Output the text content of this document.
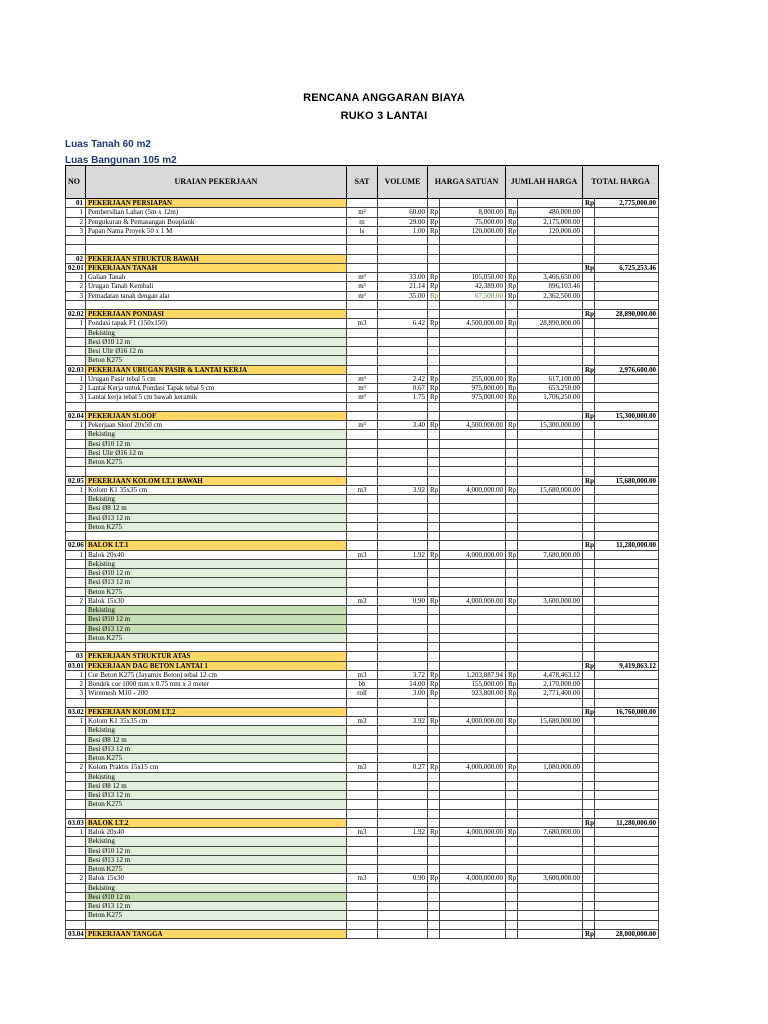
RENCANA ANGGARAN BIAYA
RUKO 3 LANTAI
Luas Tanah 60 m2
Luas Bangunan 105 m2
NO	URAIAN PEKERJAAN	SAT	VOLUME	HARGA SATUAN		JUMLAH HARGA		TOTAL HARGA	
01	PEKERJAAN PERSIAPAN							Rp	2,775,000.00
1	Pembersihan Lahan (5m x 12m)	m²	60.00	Rp	8,000.00	Rp	480,000.00		
2	Pengukuran & Pemasangan Bouplank	m	29.00	Rp	75,000.00	Rp	2,175,000.00		
3	Papan Nama Proyek 50 x 1 M	ls	1.00	Rp	120,000.00	Rp	120,000.00		

02	PEKERJAAN STRUKTUR BAWAH								
02.01	PEKERJAAN TANAH							Rp	6,725,253.46
1	Galian Tanah	m³	33.00	Rp	105,050.00	Rp	3,466,650.00		
2	Urugan Tanah Kembali	m³	21.14	Rp	42,389.00	Rp	896,103.46		
3	Pemadatan tanah dengan alat	m³	35.00	Rp	67,500.00	Rp	2,362,500.00		

02.02	PEKERJAAN PONDASI							Rp	28,890,000.00
1	Pondasi tapak F1 (150x150)	m3	6.42	Rp	4,500,000.00	Rp	28,890,000.00		
	Bekisting								
	Besi Ø10 12 m								
	Besi Ulir Ø16 12 m								
	Beton K275								
02.03	PEKERJAAN URUGAN PASIR & LANTAI KERJA							Rp	2,976,600.00
1	Urugan Pasir tebal 5 cm	m³	2.42	Rp	255,000.00	Rp	617,100.00		
2	Lantai Kerja untuk Pondasi Tapak tebal 5 cm	m³	0.67	Rp	975,000.00	Rp	653,250.00		
3	Lantai kerja tebal 5 cm bawah keramik	m³	1.75	Rp	975,000.00	Rp	1,706,250.00		

02.04	PEKERJAAN SLOOF							Rp	15,300,000.00
1	Pekerjaan Sloof 20x50 cm	m³	3.40	Rp	4,500,000.00	Rp	15,300,000.00		
	Bekisting								
	Besi Ø10 12 m								
	Besi Ulir Ø16 12 m								
	Beton K275								

02.05	PEKERJAAN KOLOM LT.1 BAWAH							Rp	15,680,000.00
1	Kolom K1 35x35 cm	m3	3.92	Rp	4,000,000.00	Rp	15,680,000.00		
	Bekisting								
	Besi Ø8 12 m								
	Besi Ø13 12 m								
	Beton K275								

02.06	BALOK LT.1							Rp	11,280,000.00
1	Balok 20x40	m3	1.92	Rp	4,000,000.00	Rp	7,680,000.00		
	Bekisting								
	Besi Ø10 12 m								
	Besi Ø13 12 m								
	Beton K275								
2	Balok 15x30	m3	0.90	Rp	4,000,000.00	Rp	3,600,000.00		
	Bekisting								
	Besi Ø10 12 m								
	Besi Ø13 12 m								
	Beton K275								

03	PEKERJAAN STRUKTUR ATAS								
03.01	PEKERJAAN DAG BETON LANTAI 1							Rp	9,419,863.12
1	Cor Beton K275 (Jayamix Beton) tebal 12 cm	m3	3.72	Rp	1,203,887.94	Rp	4,478,463.12		
2	Bondek cor 1000 mm x 0.75 mm x 3 meter	bh	14.00	Rp	155,000.00	Rp	2,170,000.00		
3	Wiremesh M10 - 200	roll	3.00	Rp	923,800.00	Rp	2,771,400.00		

03.02	PEKERJAAN KOLOM LT.2							Rp	16,760,000.00
1	Kolom K1 35x35 cm	m3	3.92	Rp	4,000,000.00	Rp	15,680,000.00		
	Bekisting								
	Besi Ø8 12 m								
	Besi Ø13 12 m								
	Beton K275								
2	Kolom Praktis 15x15 cm	m3	0.27	Rp	4,000,000.00	Rp	1,080,000.00		
	Bekisting								
	Besi Ø8 12 m								
	Besi Ø13 12 m								
	Beton K275								

03.03	BALOK LT.2							Rp	11,280,000.00
1	Balok 20x40	m3	1.92	Rp	4,000,000.00	Rp	7,680,000.00		
	Bekisting								
	Besi Ø10 12 m								
	Besi Ø13 12 m								
	Beton K275								
2	Balok 15x30	m3	0.90	Rp	4,000,000.00	Rp	3,600,000.00		
	Bekisting								
	Besi Ø10 12 m								
	Besi Ø13 12 m								
	Beton K275								

03.04	PEKERJAAN TANGGA							Rp	28,000,000.00
